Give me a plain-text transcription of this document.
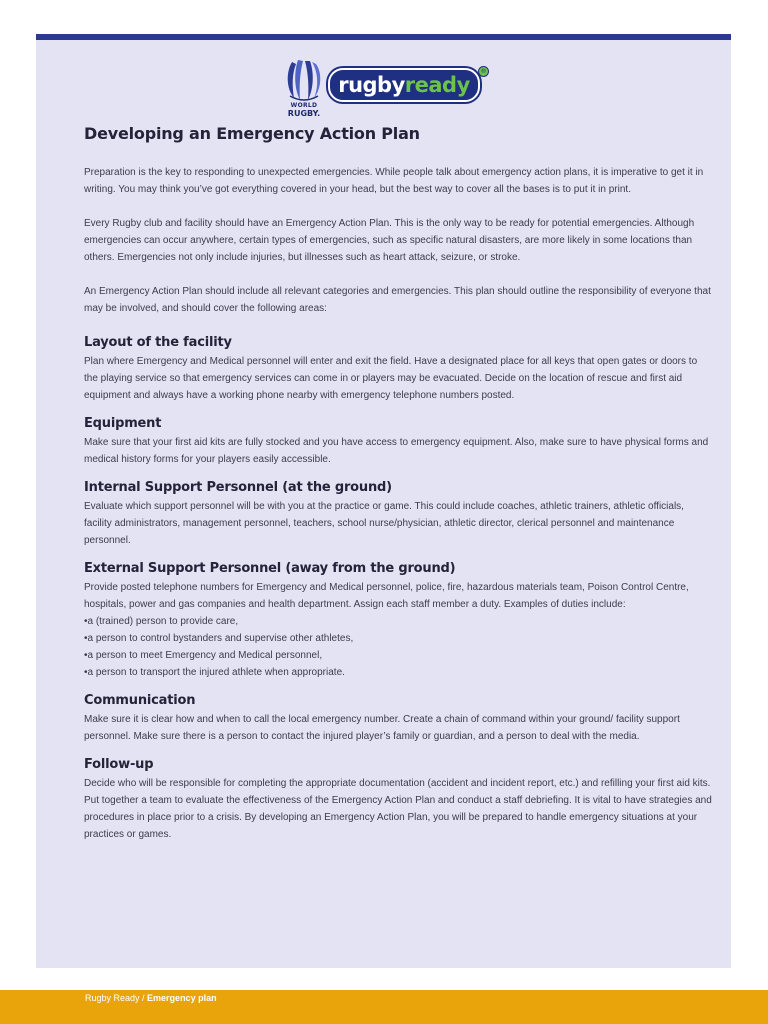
WORLD
RUGBY.
rugby ready
®
Developing an Emergency Action Plan

Preparation is the key to responding to unexpected emergencies. While people talk about emergency action plans, it is imperative to get it in writing. You may think you’ve got everything covered in your head, but the best way to cover all the bases is to put it in print.

Every Rugby club and facility should have an Emergency Action Plan. This is the only way to be ready for potential emergencies. Although emergencies can occur anywhere, certain types of emergencies, such as specific natural disasters, are more likely in some locations than others. Emergencies not only include injuries, but illnesses such as heart attack, seizure, or stroke.

An Emergency Action Plan should include all relevant categories and emergencies. This plan should outline the responsibility of everyone that may be involved, and should cover the following areas:

Layout of the facility

Plan where Emergency and Medical personnel will enter and exit the field. Have a designated place for all keys that open gates or doors to the playing service so that emergency services can come in or players may be evacuated. Decide on the location of rescue and first aid equipment and always have a working phone nearby with emergency telephone numbers posted.

Equipment

Make sure that your first aid kits are fully stocked and you have access to emergency equipment. Also, make sure to have physical forms and medical history forms for your players easily accessible.

Internal Support Personnel (at the ground)

Evaluate which support personnel will be with you at the practice or game. This could include coaches, athletic trainers, athletic officials, facility administrators, management personnel, teachers, school nurse/physician, athletic director, clerical personnel and maintenance personnel.

External Support Personnel (away from the ground)

Provide posted telephone numbers for Emergency and Medical personnel, police, fire, hazardous materials team, Poison Control Centre, hospitals, power and gas companies and health department. Assign each staff member a duty. Examples of duties include:

• a (trained) person to provide care,
• a person to control bystanders and supervise other athletes,
• a person to meet Emergency and Medical personnel,
• a person to transport the injured athlete when appropriate.
Communication

Make sure it is clear how and when to call the local emergency number. Create a chain of command within your ground/ facility support personnel. Make sure there is a person to contact the injured player’s family or guardian, and a person to deal with the media.

Follow-up

Decide who will be responsible for completing the appropriate documentation (accident and incident report, etc.) and refilling your first aid kits. Put together a team to evaluate the effectiveness of the Emergency Action Plan and conduct a staff debriefing. It is vital to have strategies and procedures in place prior to a crisis. By developing an Emergency Action Plan, you will be prepared to handle emergency situations at your practices or games.

Rugby Ready / Emergency plan
